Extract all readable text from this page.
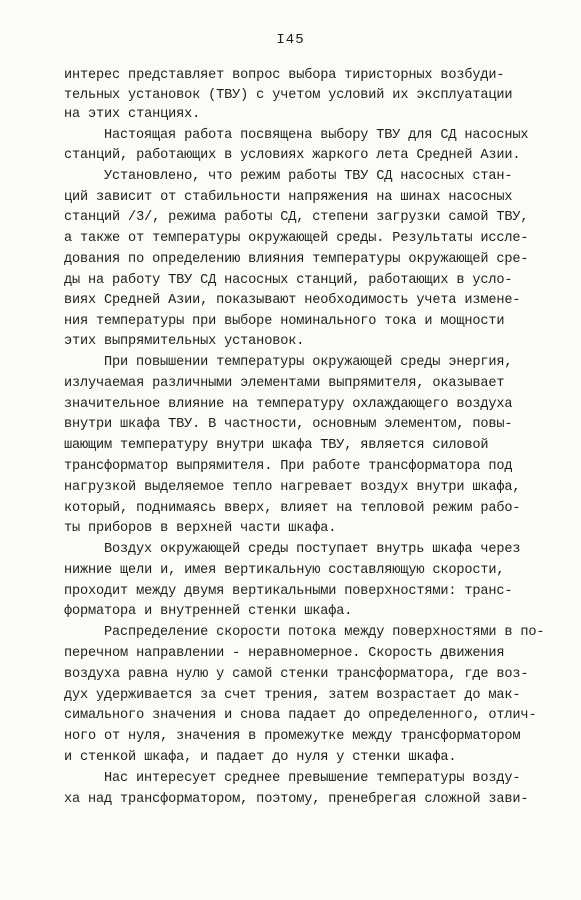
I45
интерес представляет вопрос выбора тиристорных возбуди-
тельных установок (ТВУ) с учетом условий их эксплуатации
на этих станциях.
Настоящая работа посвящена выбору ТВУ для СД насосных
станций, работающих в условиях жаркого лета Средней Азии.
Установлено, что режим работы ТВУ СД насосных стан-
ций зависит от стабильности напряжения на шинах насосных
станций /3/, режима работы СД, степени загрузки самой ТВУ,
а также от температуры окружающей среды. Результаты иссле-
дования по определению влияния температуры окружающей сре-
ды на работу ТВУ СД насосных станций, работающих в усло-
виях Средней Азии, показывают необходимость учета измене-
ния температуры при выборе номинального тока и мощности
этих выпрямительных установок.
При повышении температуры окружающей среды энергия,
излучаемая различными элементами выпрямителя, оказывает
значительное влияние на температуру охлаждающего воздуха
внутри шкафа ТВУ. В частности, основным элементом, повы-
шающим температуру внутри шкафа ТВУ, является силовой
трансформатор выпрямителя. При работе трансформатора под
нагрузкой выделяемое тепло нагревает воздух внутри шкафа,
который, поднимаясь вверх, влияет на тепловой режим рабо-
ты приборов в верхней части шкафа.
Воздух окружающей среды поступает внутрь шкафа через
нижние щели и, имея вертикальную составляющую скорости,
проходит между двумя вертикальными поверхностями: транс-
форматора и внутренней стенки шкафа.
Распределение скорости потока между поверхностями в по-
перечном направлении - неравномерное. Скорость движения
воздуха равна нулю у самой стенки трансформатора, где воз-
дух удерживается за счет трения, затем возрастает до мак-
симального значения и снова падает до определенного, отлич-
ного от нуля, значения в промежутке между трансформатором
и стенкой шкафа, и падает до нуля у стенки шкафа.
Нас интересует среднее превышение температуры возду-
ха над трансформатором, поэтому, пренебрегая сложной зави-
